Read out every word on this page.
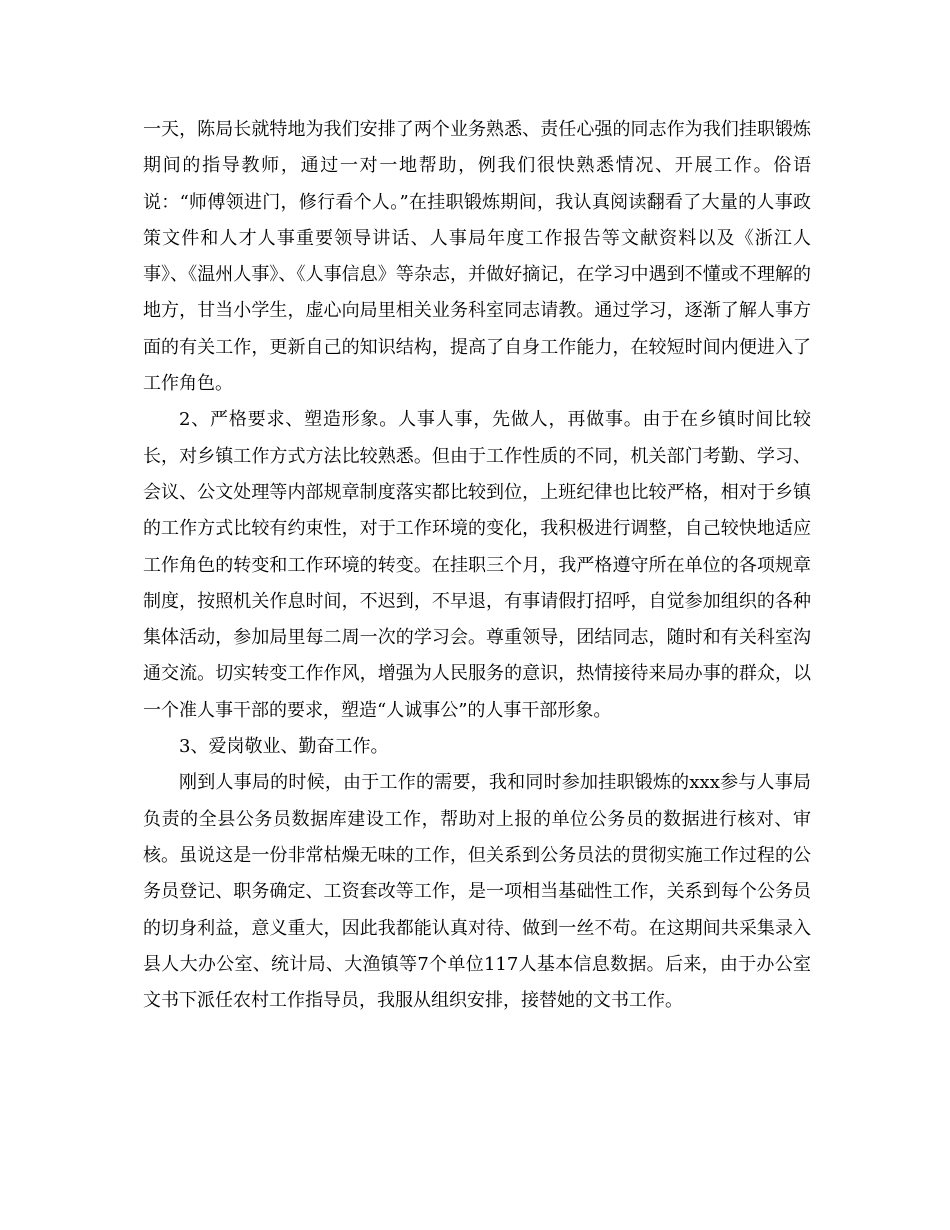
一天，陈局长就特地为我们安排了两个业务熟悉、责任心强的同志作为我们挂职锻炼期间的指导教师，通过一对一地帮助，例我们很快熟悉情况、开展工作。俗语说：“师傅领进门，修行看个人。”在挂职锻炼期间，我认真阅读翻看了大量的人事政策文件和人才人事重要领导讲话、人事局年度工作报告等文献资料以及《浙江人事》、《温州人事》、《人事信息》等杂志，并做好摘记，在学习中遇到不懂或不理解的地方，甘当小学生，虚心向局里相关业务科室同志请教。通过学习，逐渐了解人事方面的有关工作，更新自己的知识结构，提高了自身工作能力，在较短时间内便进入了工作角色。

2、严格要求、塑造形象。人事人事，先做人，再做事。由于在乡镇时间比较长，对乡镇工作方式方法比较熟悉。但由于工作性质的不同，机关部门考勤、学习、会议、公文处理等内部规章制度落实都比较到位，上班纪律也比较严格，相对于乡镇的工作方式比较有约束性，对于工作环境的变化，我积极进行调整，自己较快地适应工作角色的转变和工作环境的转变。在挂职三个月，我严格遵守所在单位的各项规章制度，按照机关作息时间，不迟到，不早退，有事请假打招呼，自觉参加组织的各种集体活动，参加局里每二周一次的学习会。尊重领导，团结同志，随时和有关科室沟通交流。切实转变工作作风，增强为人民服务的意识，热情接待来局办事的群众，以一个准人事干部的要求，塑造“人诚事公”的人事干部形象。

3、爱岗敬业、勤奋工作。

刚到人事局的时候，由于工作的需要，我和同时参加挂职锻炼的xxx参与人事局负责的全县公务员数据库建设工作，帮助对上报的单位公务员的数据进行核对、审核。虽说这是一份非常枯燥无味的工作，但关系到公务员法的贯彻实施工作过程的公务员登记、职务确定、工资套改等工作，是一项相当基础性工作，关系到每个公务员的切身利益，意义重大，因此我都能认真对待、做到一丝不苟。在这期间共采集录入县人大办公室、统计局、大渔镇等7个单位117人基本信息数据。后来，由于办公室文书下派任农村工作指导员，我服从组织安排，接替她的文书工作。
